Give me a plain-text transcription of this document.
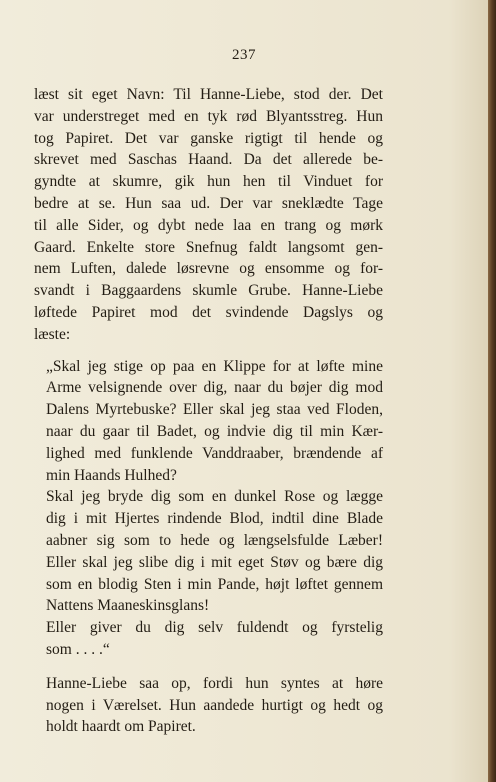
237

læst sit eget Navn: Til Hanne-Liebe, stod der. Det
var understreget med en tyk rød Blyantsstreg. Hun
tog Papiret. Det var ganske rigtigt til hende og
skrevet med Saschas Haand. Da det allerede be-
gyndte at skumre, gik hun hen til Vinduet for
bedre at se. Hun saa ud. Der var sneklædte Tage
til alle Sider, og dybt nede laa en trang og mørk
Gaard. Enkelte store Snefnug faldt langsomt gen-
nem Luften, dalede løsrevne og ensomme og for-
svandt i Baggaardens skumle Grube. Hanne-Liebe
løftede Papiret mod det svindende Dagslys og
læste:

„Skal jeg stige op paa en Klippe for at løfte mine
Arme velsignende over dig, naar du bøjer dig mod
Dalens Myrtebuske? Eller skal jeg staa ved Floden,
naar du gaar til Badet, og indvie dig til min Kær-
lighed med funklende Vanddraaber, brændende af
min Haands Hulhed?

Skal jeg bryde dig som en dunkel Rose og lægge
dig i mit Hjertes rindende Blod, indtil dine Blade
aabner sig som to hede og længselsfulde Læber!
Eller skal jeg slibe dig i mit eget Støv og bære dig
som en blodig Sten i min Pande, højt løftet gennem
Nattens Maaneskinsglans!

Eller giver du dig selv fuldendt og fyrstelig
som . . . .“

Hanne-Liebe saa op, fordi hun syntes at høre
nogen i Værelset. Hun aandede hurtigt og hedt og
holdt haardt om Papiret.
